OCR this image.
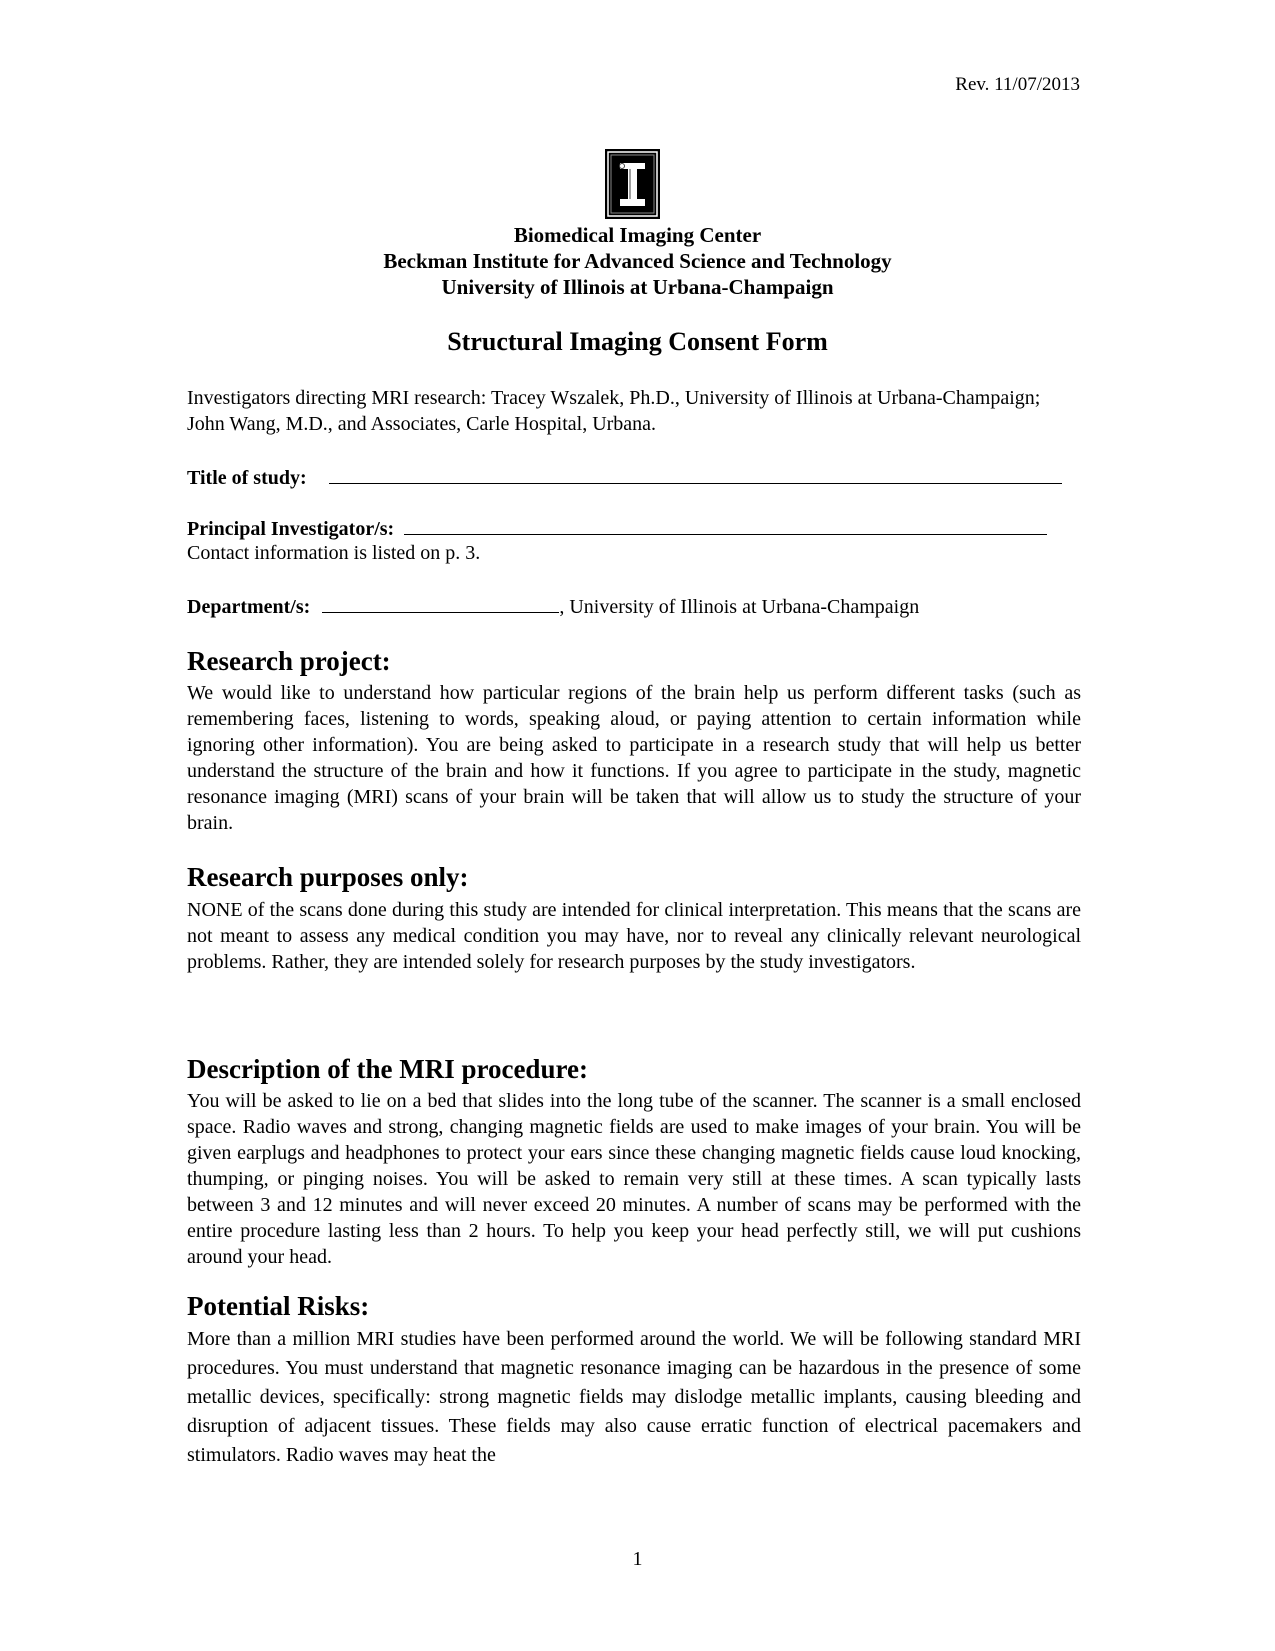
Rev. 11/07/2013
Biomedical Imaging Center
Beckman Institute for Advanced Science and Technology
University of Illinois at Urbana-Champaign
Structural Imaging Consent Form
Investigators directing MRI research: Tracey Wszalek, Ph.D., University of Illinois at Urbana-Champaign; John Wang, M.D., and Associates, Carle Hospital, Urbana.
Title of study:
Principal Investigator/s:
Contact information is listed on p. 3.
Department/s:	, University of Illinois at Urbana-Champaign
Research project:
We would like to understand how particular regions of the brain help us perform different tasks (such as remembering faces, listening to words, speaking aloud, or paying attention to certain information while ignoring other information). You are being asked to participate in a research study that will help us better understand the structure of the brain and how it functions. If you agree to participate in the study, magnetic resonance imaging (MRI) scans of your brain will be taken that will allow us to study the structure of your brain.
Research purposes only:
NONE of the scans done during this study are intended for clinical interpretation. This means that the scans are not meant to assess any medical condition you may have, nor to reveal any clinically relevant neurological problems. Rather, they are intended solely for research purposes by the study investigators.
Description of the MRI procedure:
You will be asked to lie on a bed that slides into the long tube of the scanner. The scanner is a small enclosed space. Radio waves and strong, changing magnetic fields are used to make images of your brain. You will be given earplugs and headphones to protect your ears since these changing magnetic fields cause loud knocking, thumping, or pinging noises. You will be asked to remain very still at these times. A scan typically lasts between 3 and 12 minutes and will never exceed 20 minutes. A number of scans may be performed with the entire procedure lasting less than 2 hours. To help you keep your head perfectly still, we will put cushions around your head.
Potential Risks:
More than a million MRI studies have been performed around the world. We will be following standard MRI procedures. You must understand that magnetic resonance imaging can be hazardous in the presence of some metallic devices, specifically: strong magnetic fields may dislodge metallic implants, causing bleeding and disruption of adjacent tissues. These fields may also cause erratic function of electrical pacemakers and stimulators. Radio waves may heat the
1
